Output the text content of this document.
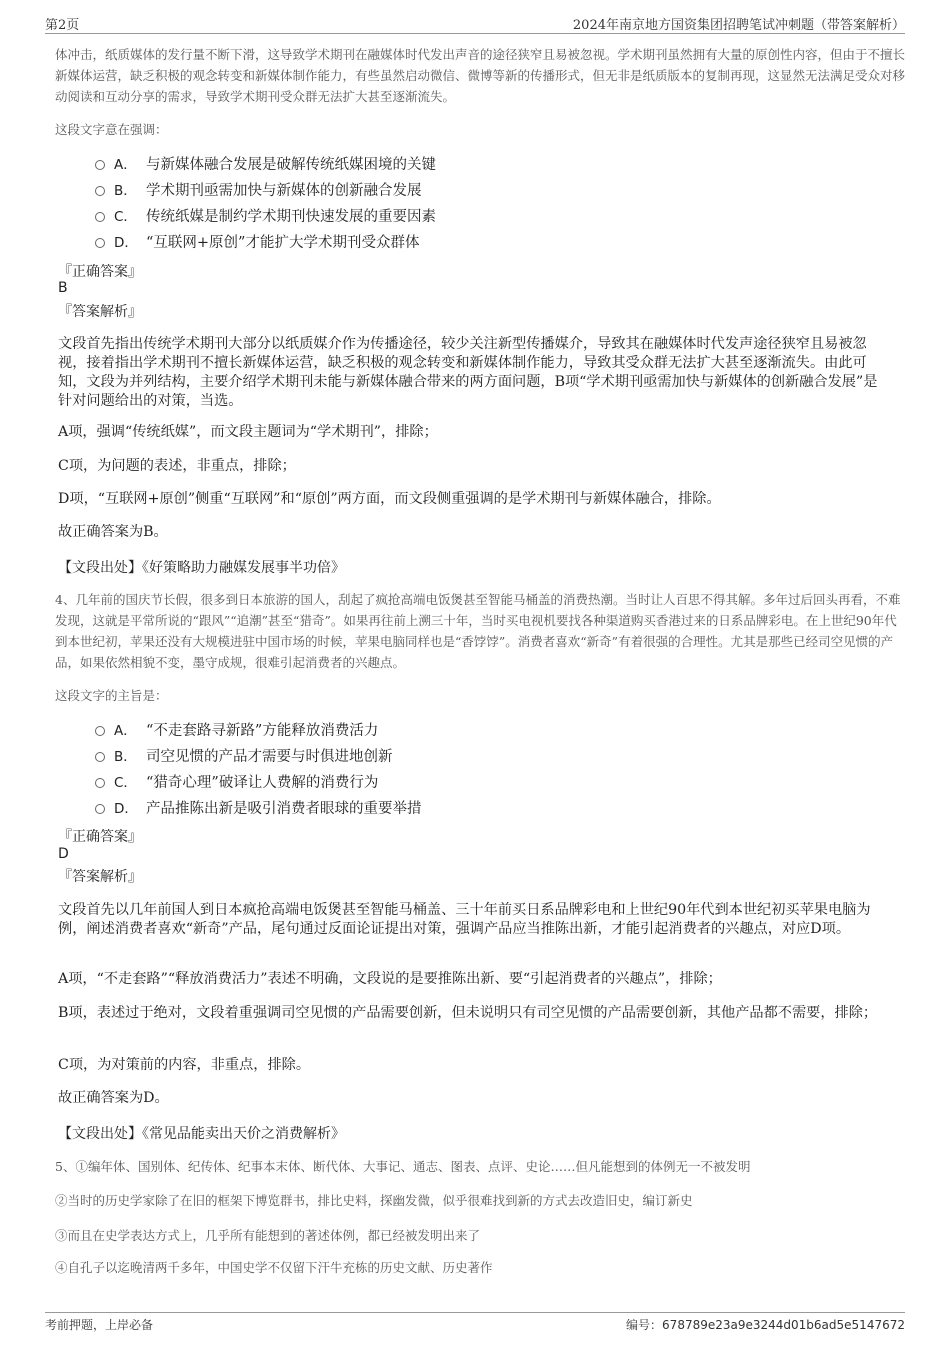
第2页	2024年南京地方国资集团招聘笔试冲刺题（带答案解析）
体冲击，纸质媒体的发行量不断下滑，这导致学术期刊在融媒体时代发出声音的途径狭窄且易被忽视。学术期刊虽然拥有大量的原创性内容，但由于不擅长新媒体运营，缺乏积极的观念转变和新媒体制作能力，有些虽然启动微信、微博等新的传播形式，但无非是纸质版本的复制再现，这显然无法满足受众对移动阅读和互动分享的需求，导致学术期刊受众群无法扩大甚至逐渐流失。
这段文字意在强调：
A． 与新媒体融合发展是破解传统纸媒困境的关键
B． 学术期刊亟需加快与新媒体的创新融合发展
C． 传统纸媒是制约学术期刊快速发展的重要因素
D． “互联网+原创”才能扩大学术期刊受众群体
『正确答案』
B
『答案解析』
文段首先指出传统学术期刊大部分以纸质媒介作为传播途径，较少关注新型传播媒介，导致其在融媒体时代发声途径狭窄且易被忽视，接着指出学术期刊不擅长新媒体运营，缺乏积极的观念转变和新媒体制作能力，导致其受众群无法扩大甚至逐渐流失。由此可知，文段为并列结构，主要介绍学术期刊未能与新媒体融合带来的两方面问题，B项“学术期刊亟需加快与新媒体的创新融合发展”是针对问题给出的对策，当选。
A项，强调“传统纸媒”，而文段主题词为“学术期刊”，排除；
C项，为问题的表述，非重点，排除；
D项，“互联网+原创”侧重“互联网”和“原创”两方面，而文段侧重强调的是学术期刊与新媒体融合，排除。
故正确答案为B。
【文段出处】《好策略助力融媒发展事半功倍》
4、几年前的国庆节长假，很多到日本旅游的国人，刮起了疯抢高端电饭煲甚至智能马桶盖的消费热潮。当时让人百思不得其解。多年过后回头再看，不难发现，这就是平常所说的“跟风”“追潮”甚至“猎奇”。如果再往前上溯三十年，当时买电视机要找各种渠道购买香港过来的日系品牌彩电。在上世纪90年代到本世纪初，苹果还没有大规模进驻中国市场的时候，苹果电脑同样也是“香饽饽”。消费者喜欢“新奇”有着很强的合理性。尤其是那些已经司空见惯的产品，如果依然相貌不变，墨守成规，很难引起消费者的兴趣点。
这段文字的主旨是：
A． “不走套路寻新路”方能释放消费活力
B． 司空见惯的产品才需要与时俱进地创新
C． “猎奇心理”破译让人费解的消费行为
D． 产品推陈出新是吸引消费者眼球的重要举措
『正确答案』
D
『答案解析』
文段首先以几年前国人到日本疯抢高端电饭煲甚至智能马桶盖、三十年前买日系品牌彩电和上世纪90年代到本世纪初买苹果电脑为例，阐述消费者喜欢“新奇”产品，尾句通过反面论证提出对策，强调产品应当推陈出新，才能引起消费者的兴趣点，对应D项。
A项，“不走套路”“释放消费活力”表述不明确，文段说的是要推陈出新、要“引起消费者的兴趣点”，排除；
B项，表述过于绝对，文段着重强调司空见惯的产品需要创新，但未说明只有司空见惯的产品需要创新，其他产品都不需要，排除；
C项，为对策前的内容，非重点，排除。
故正确答案为D。
【文段出处】《常见品能卖出天价之消费解析》
5、①编年体、国别体、纪传体、纪事本末体、断代体、大事记、通志、图表、点评、史论……但凡能想到的体例无一不被发明
②当时的历史学家除了在旧的框架下博览群书，排比史料，探幽发微，似乎很难找到新的方式去改造旧史，编订新史
③而且在史学表达方式上，几乎所有能想到的著述体例，都已经被发明出来了
④自孔子以迄晚清两千多年，中国史学不仅留下汗牛充栋的历史文献、历史著作
考前押题，上岸必备	编号：678789e23a9e3244d01b6ad5e5147672
